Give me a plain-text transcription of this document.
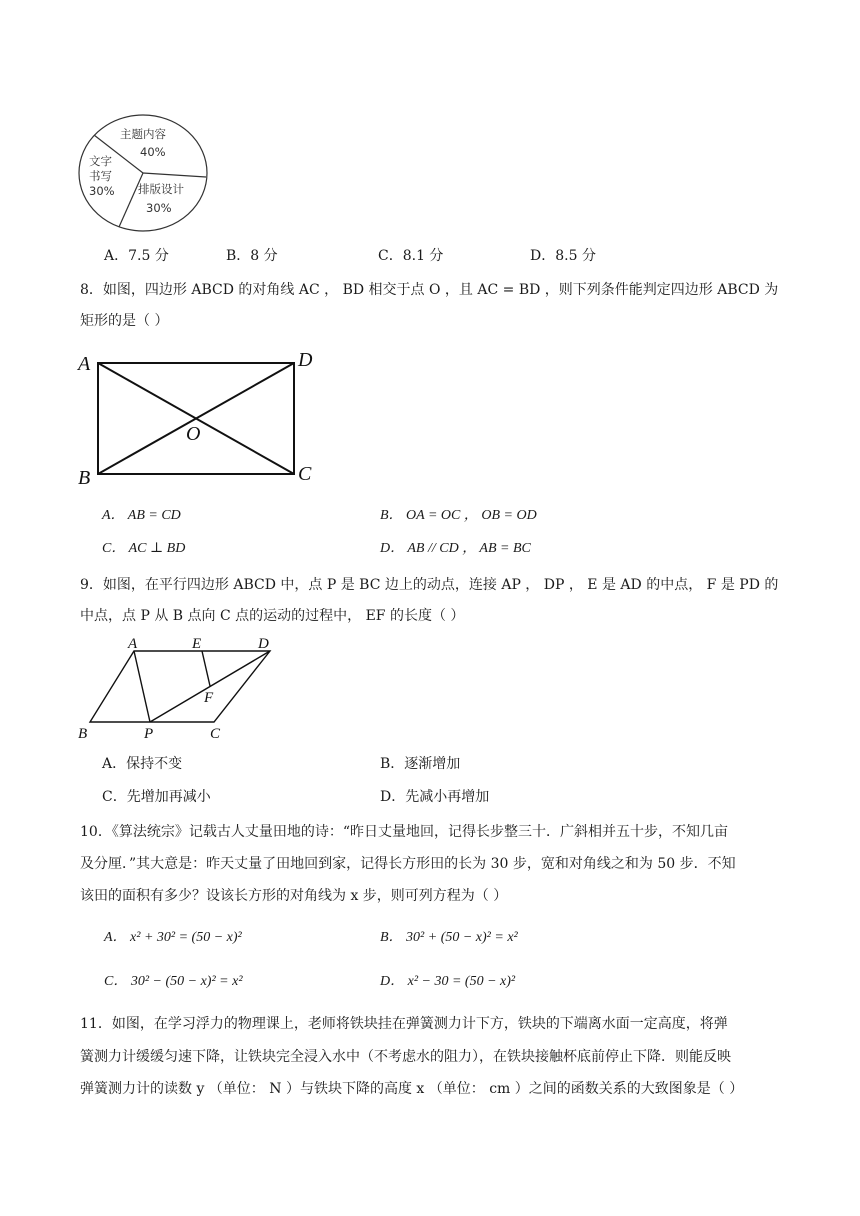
主题内容
40%
文字
书写
30% 排版设计
30%
A．7.5 分	B．8 分	C．8.1 分	D．8.5 分
8．如图，四边形 ABCD 的对角线 AC ， BD 相交于点 O ，且 AC = BD ，则下列条件能判定四边形 ABCD 为
矩形的是（ ）
A	D
O
B	C
A． AB = CD	B． OA = OC ， OB = OD
C． AC ⊥ BD	D． AB // CD ， AB = BC
9．如图，在平行四边形 ABCD 中，点 P 是 BC 边上的动点，连接 AP ， DP ， E 是 AD 的中点， F 是 PD 的
中点，点 P 从 B 点向 C 点的运动的过程中， EF 的长度（ ）
A	E	D
F
B	P	C
A．保持不变	B．逐渐增加
C．先增加再减小	D．先减小再增加
10．《算法统宗》记载古人丈量田地的诗：“昨日丈量地回，记得长步整三十．广斜相并五十步，不知几亩
及分厘．”其大意是：昨天丈量了田地回到家，记得长方形田的长为 30 步，宽和对角线之和为 50 步．不知
该田的面积有多少？设该长方形的对角线为 x 步，则可列方程为（ ）
A． x² + 30² = (50 − x)²	B． 30² + (50 − x)² = x²
C． 30² − (50 − x)² = x²	D． x² − 30 = (50 − x)²
11．如图，在学习浮力的物理课上，老师将铁块挂在弹簧测力计下方，铁块的下端离水面一定高度，将弹
簧测力计缓缓匀速下降，让铁块完全浸入水中（不考虑水的阻力），在铁块接触杯底前停止下降．则能反映
弹簧测力计的读数 y （单位： N ）与铁块下降的高度 x （单位： cm ）之间的函数关系的大致图象是（ ）
